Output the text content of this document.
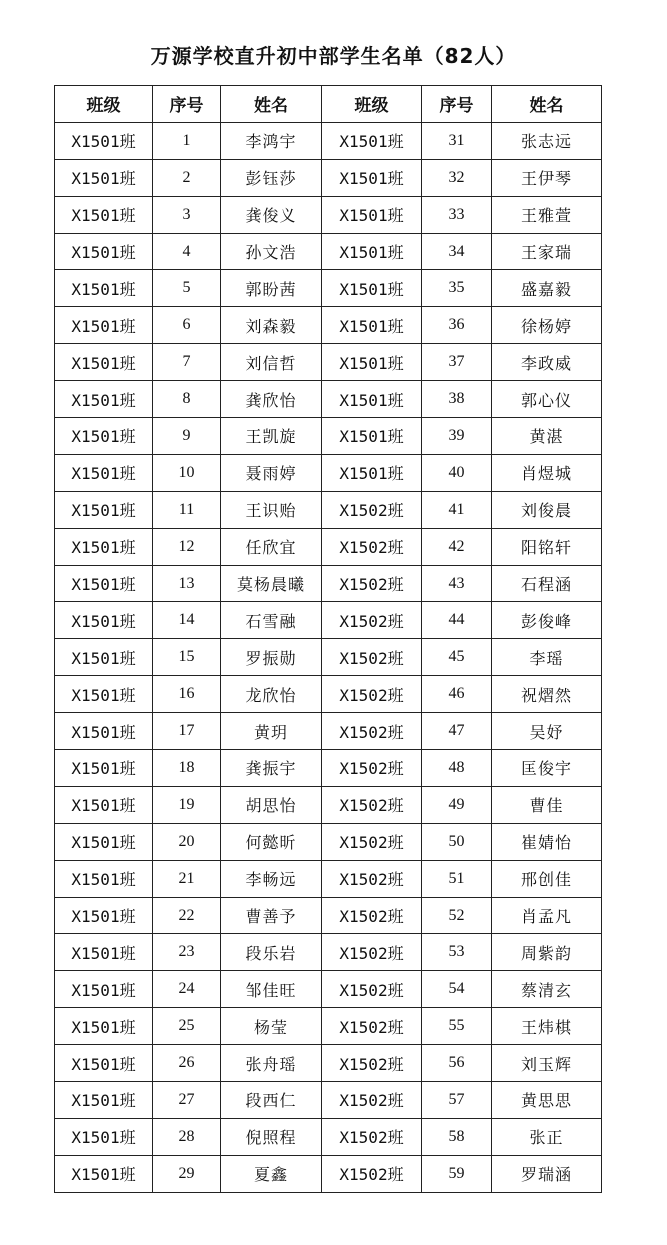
万源学校直升初中部学生名单（82人）
班级	序号	姓名	班级	序号	姓名
X1501班	1	李鸿宇	X1501班	31	张志远
X1501班	2	彭钰莎	X1501班	32	王伊琴
X1501班	3	龚俊义	X1501班	33	王雅萱
X1501班	4	孙文浩	X1501班	34	王家瑞
X1501班	5	郭盼茜	X1501班	35	盛嘉毅
X1501班	6	刘森毅	X1501班	36	徐杨婷
X1501班	7	刘信哲	X1501班	37	李政威
X1501班	8	龚欣怡	X1501班	38	郭心仪
X1501班	9	王凯旋	X1501班	39	黄湛
X1501班	10	聂雨婷	X1501班	40	肖煜城
X1501班	11	王识贻	X1502班	41	刘俊晨
X1501班	12	任欣宜	X1502班	42	阳铭轩
X1501班	13	莫杨晨曦	X1502班	43	石程涵
X1501班	14	石雪融	X1502班	44	彭俊峰
X1501班	15	罗振勋	X1502班	45	李瑶
X1501班	16	龙欣怡	X1502班	46	祝熠然
X1501班	17	黄玥	X1502班	47	吴妤
X1501班	18	龚振宇	X1502班	48	匡俊宇
X1501班	19	胡思怡	X1502班	49	曹佳
X1501班	20	何懿昕	X1502班	50	崔婧怡
X1501班	21	李畅远	X1502班	51	邢创佳
X1501班	22	曹善予	X1502班	52	肖孟凡
X1501班	23	段乐岩	X1502班	53	周紫韵
X1501班	24	邹佳旺	X1502班	54	蔡清玄
X1501班	25	杨莹	X1502班	55	王炜棋
X1501班	26	张舟瑶	X1502班	56	刘玉辉
X1501班	27	段西仁	X1502班	57	黄思思
X1501班	28	倪照程	X1502班	58	张正
X1501班	29	夏鑫	X1502班	59	罗瑞涵
